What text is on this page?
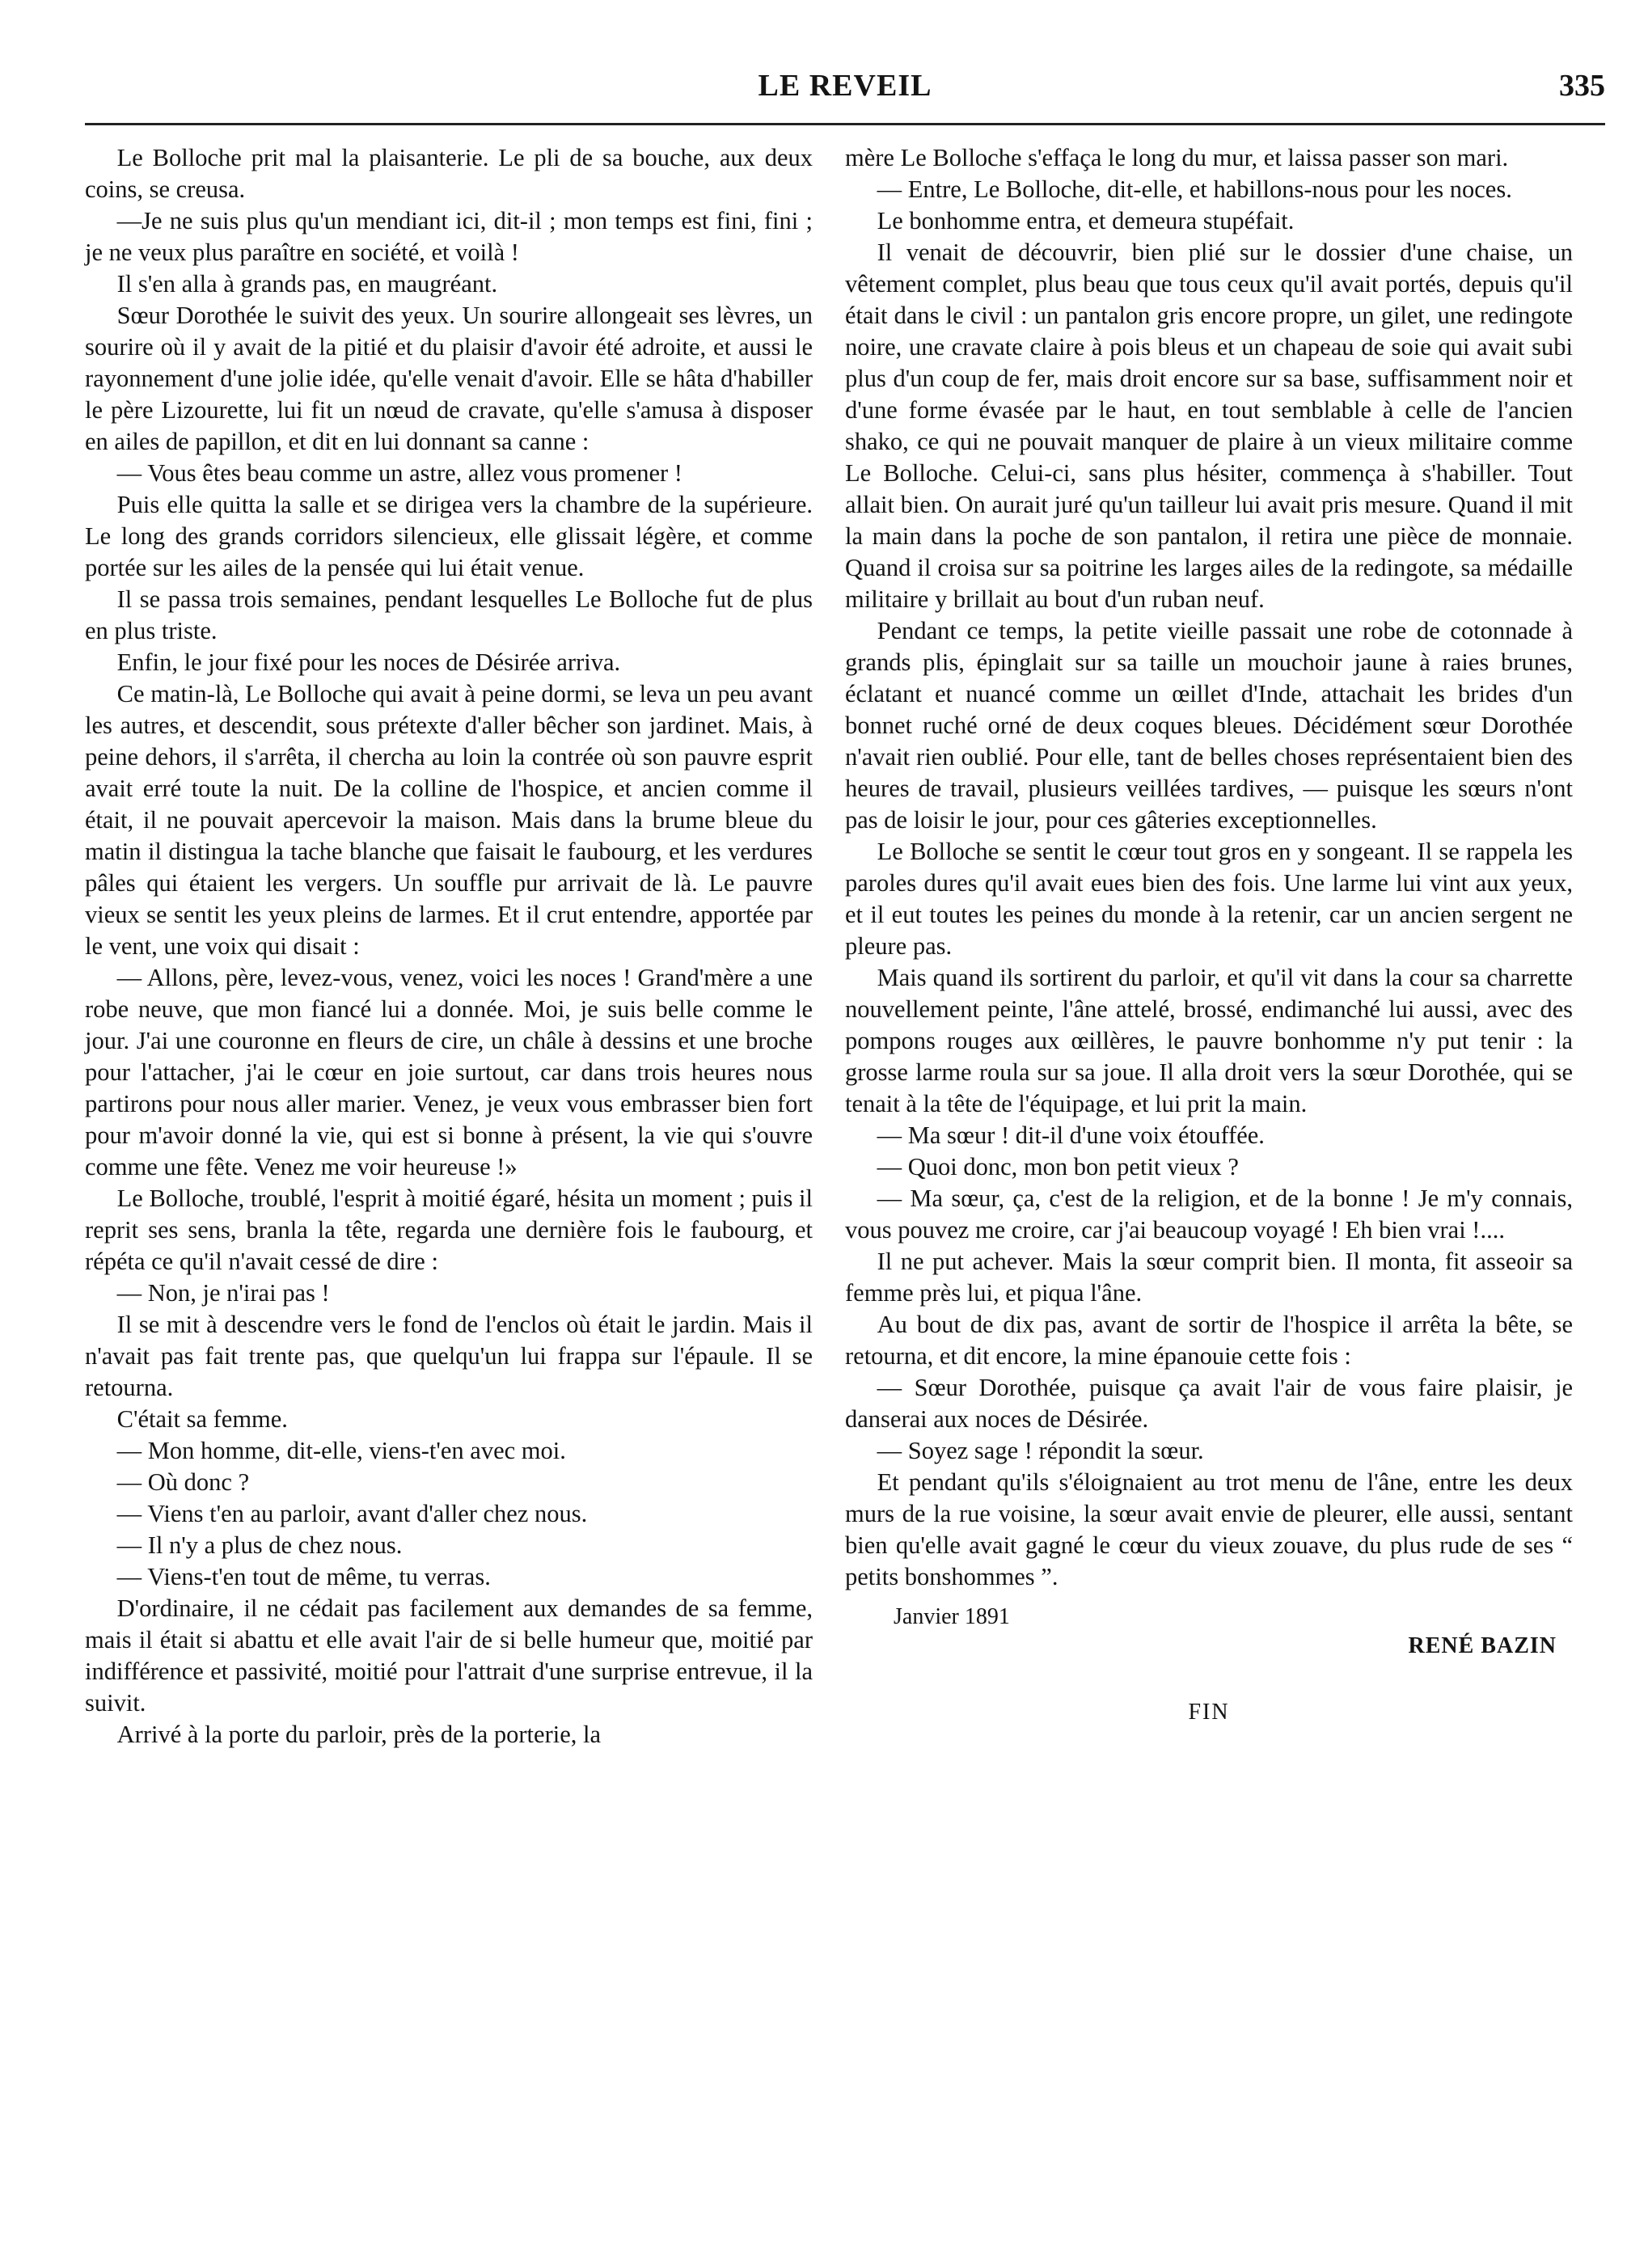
LE REVEIL	335

Le Bolloche prit mal la plaisanterie. Le pli de sa bouche, aux deux coins, se creusa.

—Je ne suis plus qu'un mendiant ici, dit-il ; mon temps est fini, fini ; je ne veux plus paraître en société, et voilà !

Il s'en alla à grands pas, en maugréant.

Sœur Dorothée le suivit des yeux. Un sourire allongeait ses lèvres, un sourire où il y avait de la pitié et du plaisir d'avoir été adroite, et aussi le rayonnement d'une jolie idée, qu'elle venait d'avoir. Elle se hâta d'habiller le père Lizourette, lui fit un nœud de cravate, qu'elle s'amusa à disposer en ailes de papillon, et dit en lui donnant sa canne :

— Vous êtes beau comme un astre, allez vous promener !

Puis elle quitta la salle et se dirigea vers la chambre de la supérieure. Le long des grands corridors silencieux, elle glissait légère, et comme portée sur les ailes de la pensée qui lui était venue.

Il se passa trois semaines, pendant lesquelles Le Bolloche fut de plus en plus triste.

Enfin, le jour fixé pour les noces de Désirée arriva.

Ce matin-là, Le Bolloche qui avait à peine dormi, se leva un peu avant les autres, et descendit, sous prétexte d'aller bêcher son jardinet. Mais, à peine dehors, il s'arrêta, il chercha au loin la contrée où son pauvre esprit avait erré toute la nuit. De la colline de l'hospice, et ancien comme il était, il ne pouvait apercevoir la maison. Mais dans la brume bleue du matin il distingua la tache blanche que faisait le faubourg, et les verdures pâles qui étaient les vergers. Un souffle pur arrivait de là. Le pauvre vieux se sentit les yeux pleins de larmes. Et il crut entendre, apportée par le vent, une voix qui disait :

— Allons, père, levez-vous, venez, voici les noces ! Grand'mère a une robe neuve, que mon fiancé lui a donnée. Moi, je suis belle comme le jour. J'ai une couronne en fleurs de cire, un châle à dessins et une broche pour l'attacher, j'ai le cœur en joie surtout, car dans trois heures nous partirons pour nous aller marier. Venez, je veux vous embrasser bien fort pour m'avoir donné la vie, qui est si bonne à présent, la vie qui s'ouvre comme une fête. Venez me voir heureuse !»

Le Bolloche, troublé, l'esprit à moitié égaré, hésita un moment ; puis il reprit ses sens, branla la tête, regarda une dernière fois le faubourg, et répéta ce qu'il n'avait cessé de dire :

— Non, je n'irai pas !

Il se mit à descendre vers le fond de l'enclos où était le jardin. Mais il n'avait pas fait trente pas, que quelqu'un lui frappa sur l'épaule. Il se retourna.

C'était sa femme.

— Mon homme, dit-elle, viens-t'en avec moi.

— Où donc ?

— Viens t'en au parloir, avant d'aller chez nous.

— Il n'y a plus de chez nous.

— Viens-t'en tout de même, tu verras.

D'ordinaire, il ne cédait pas facilement aux demandes de sa femme, mais il était si abattu et elle avait l'air de si belle humeur que, moitié par indifférence et passivité, moitié pour l'attrait d'une surprise entrevue, il la suivit.

Arrivé à la porte du parloir, près de la porterie, la

mère Le Bolloche s'effaça le long du mur, et laissa passer son mari.

— Entre, Le Bolloche, dit-elle, et habillons-nous pour les noces.

Le bonhomme entra, et demeura stupéfait.

Il venait de découvrir, bien plié sur le dossier d'une chaise, un vêtement complet, plus beau que tous ceux qu'il avait portés, depuis qu'il était dans le civil : un pantalon gris encore propre, un gilet, une redingote noire, une cravate claire à pois bleus et un chapeau de soie qui avait subi plus d'un coup de fer, mais droit encore sur sa base, suffisamment noir et d'une forme évasée par le haut, en tout semblable à celle de l'ancien shako, ce qui ne pouvait manquer de plaire à un vieux militaire comme Le Bolloche. Celui-ci, sans plus hésiter, commença à s'habiller. Tout allait bien. On aurait juré qu'un tailleur lui avait pris mesure. Quand il mit la main dans la poche de son pantalon, il retira une pièce de monnaie. Quand il croisa sur sa poitrine les larges ailes de la redingote, sa médaille militaire y brillait au bout d'un ruban neuf.

Pendant ce temps, la petite vieille passait une robe de cotonnade à grands plis, épinglait sur sa taille un mouchoir jaune à raies brunes, éclatant et nuancé comme un œillet d'Inde, attachait les brides d'un bonnet ruché orné de deux coques bleues. Décidément sœur Dorothée n'avait rien oublié. Pour elle, tant de belles choses représentaient bien des heures de travail, plusieurs veillées tardives, — puisque les sœurs n'ont pas de loisir le jour, pour ces gâteries exceptionnelles.

Le Bolloche se sentit le cœur tout gros en y songeant. Il se rappela les paroles dures qu'il avait eues bien des fois. Une larme lui vint aux yeux, et il eut toutes les peines du monde à la retenir, car un ancien sergent ne pleure pas.

Mais quand ils sortirent du parloir, et qu'il vit dans la cour sa charrette nouvellement peinte, l'âne attelé, brossé, endimanché lui aussi, avec des pompons rouges aux œillères, le pauvre bonhomme n'y put tenir : la grosse larme roula sur sa joue. Il alla droit vers la sœur Dorothée, qui se tenait à la tête de l'équipage, et lui prit la main.

— Ma sœur ! dit-il d'une voix étouffée.

— Quoi donc, mon bon petit vieux ?

— Ma sœur, ça, c'est de la religion, et de la bonne ! Je m'y connais, vous pouvez me croire, car j'ai beaucoup voyagé ! Eh bien vrai !....

Il ne put achever. Mais la sœur comprit bien. Il monta, fit asseoir sa femme près lui, et piqua l'âne.

Au bout de dix pas, avant de sortir de l'hospice il arrêta la bête, se retourna, et dit encore, la mine épanouie cette fois :

— Sœur Dorothée, puisque ça avait l'air de vous faire plaisir, je danserai aux noces de Désirée.

— Soyez sage ! répondit la sœur.

Et pendant qu'ils s'éloignaient au trot menu de l'âne, entre les deux murs de la rue voisine, la sœur avait envie de pleurer, elle aussi, sentant bien qu'elle avait gagné le cœur du vieux zouave, du plus rude de ses “ petits bonshommes ”.

Janvier 1891
RENÉ BAZIN
FIN
